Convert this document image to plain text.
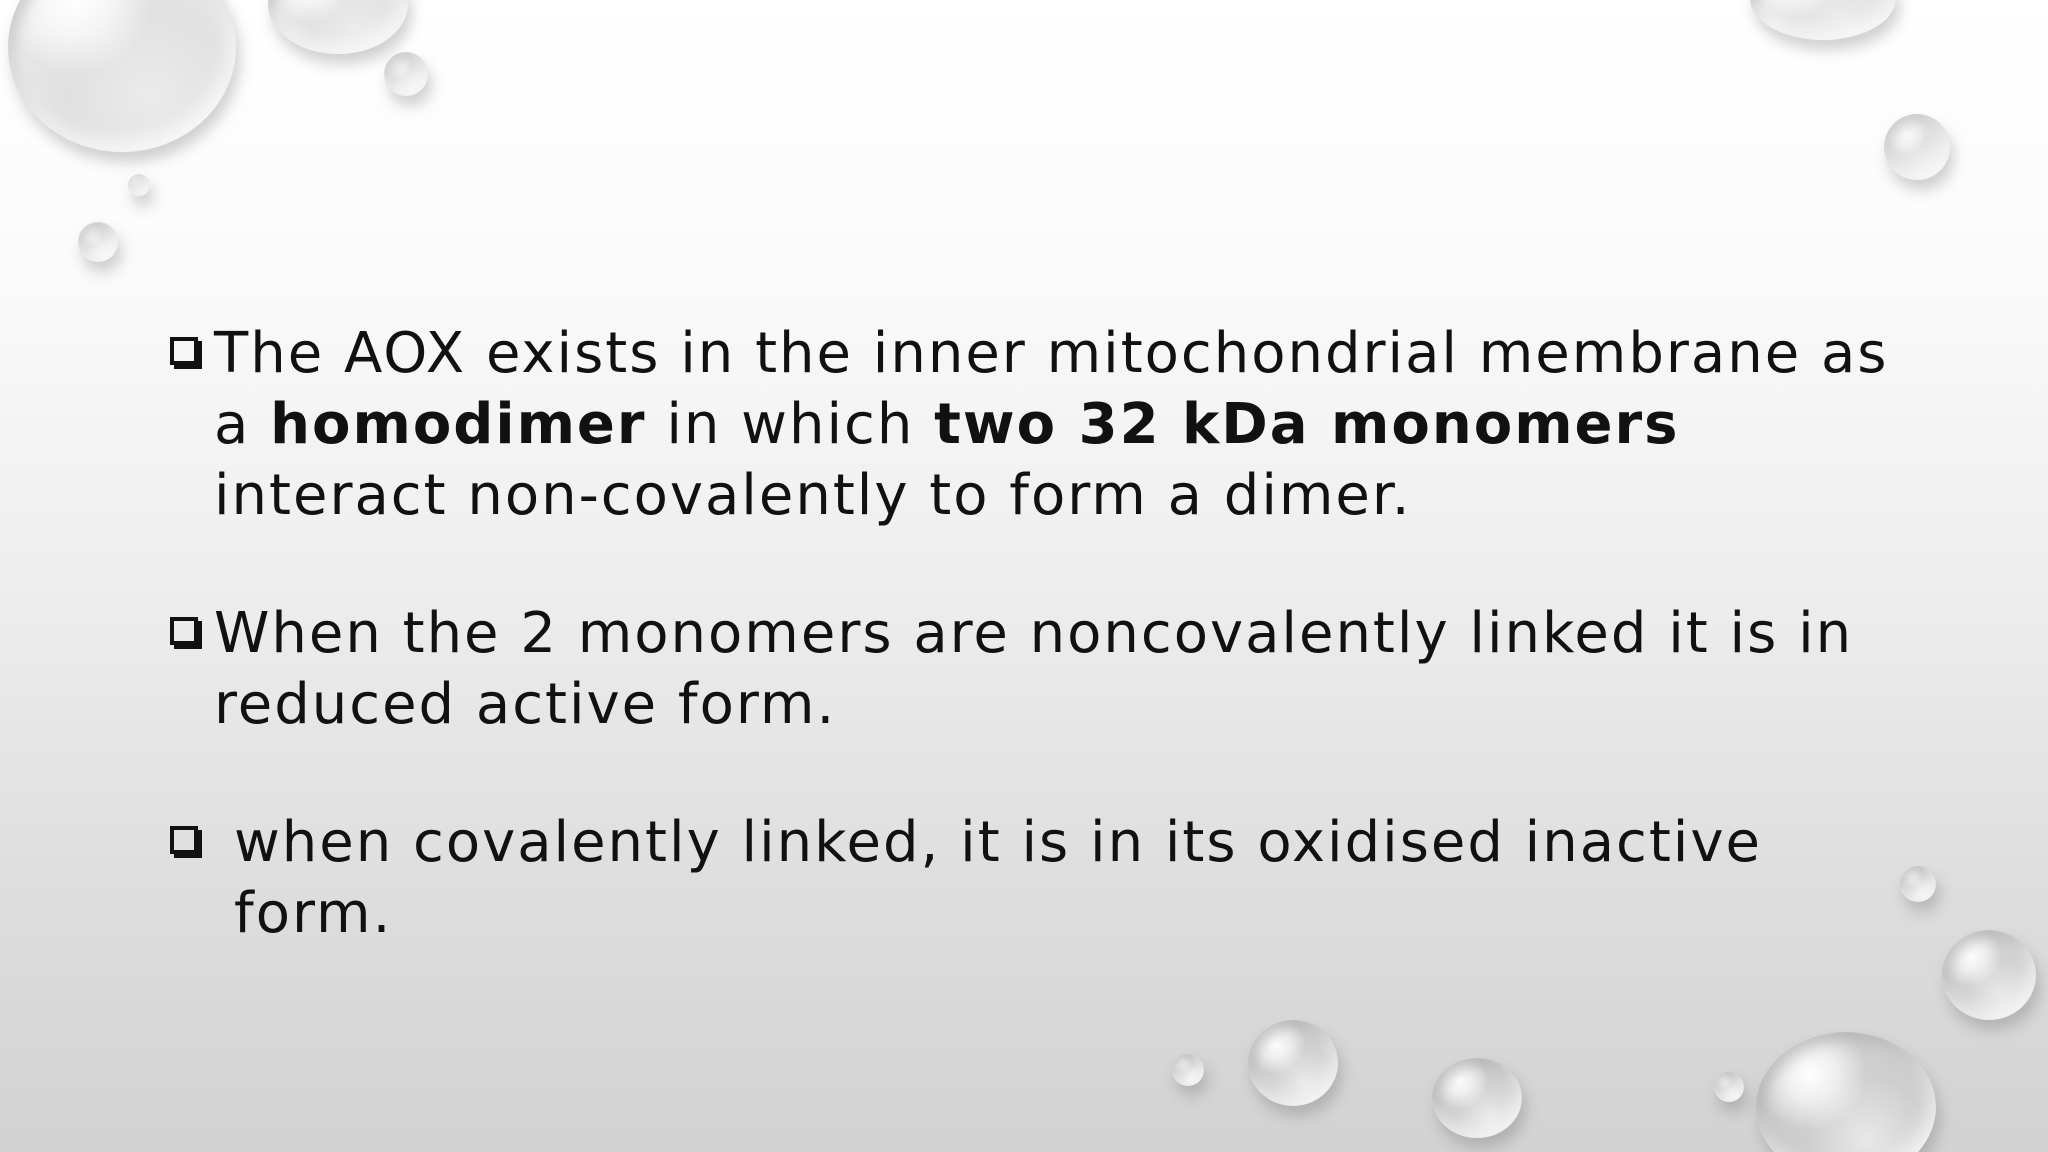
The AOX exists in the inner mitochondrial membrane as a homodimer in which two 32 kDa monomers interact non-covalently to form a dimer.

When the 2 monomers are noncovalently linked it is in reduced active form.

when covalently linked, it is in its oxidised inactive form.
